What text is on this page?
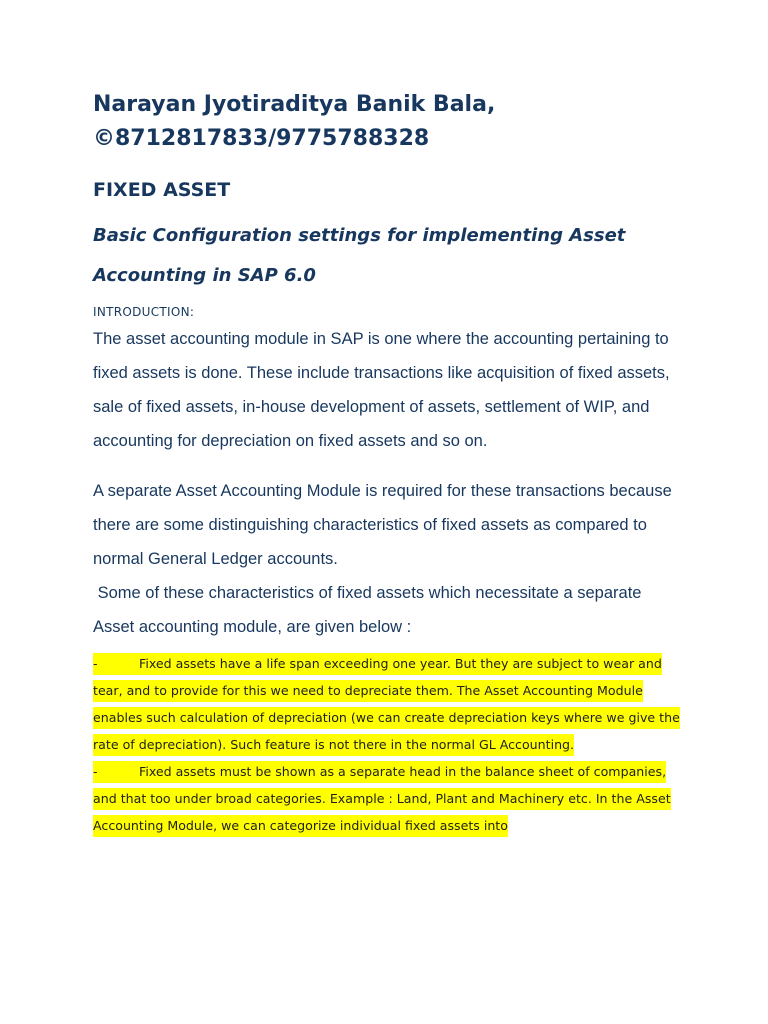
Narayan Jyotiraditya Banik Bala,
©8712817833/9775788328
FIXED ASSET
Basic Configuration settings for implementing Asset Accounting in SAP 6.0
INTRODUCTION:

The asset accounting module in SAP is one where the accounting pertaining to fixed assets is done. These include transactions like acquisition of fixed assets, sale of fixed assets, in-house development of assets, settlement of WIP, and accounting for depreciation on fixed assets and so on.

A separate Asset Accounting Module is required for these transactions because there are some distinguishing characteristics of fixed assets as compared to normal General Ledger accounts.

Some of these characteristics of fixed assets which necessitate a separate Asset accounting module, are given below :

-	Fixed assets have a life span exceeding one year. But they are subject to wear and tear, and to provide for this we need to depreciate them. The Asset Accounting Module enables such calculation of depreciation (we can create depreciation keys where we give the rate of depreciation). Such feature is not there in the normal GL Accounting.
-	Fixed assets must be shown as a separate head in the balance sheet of companies, and that too under broad categories. Example : Land, Plant and Machinery etc. In the Asset Accounting Module, we can categorize individual fixed assets into
